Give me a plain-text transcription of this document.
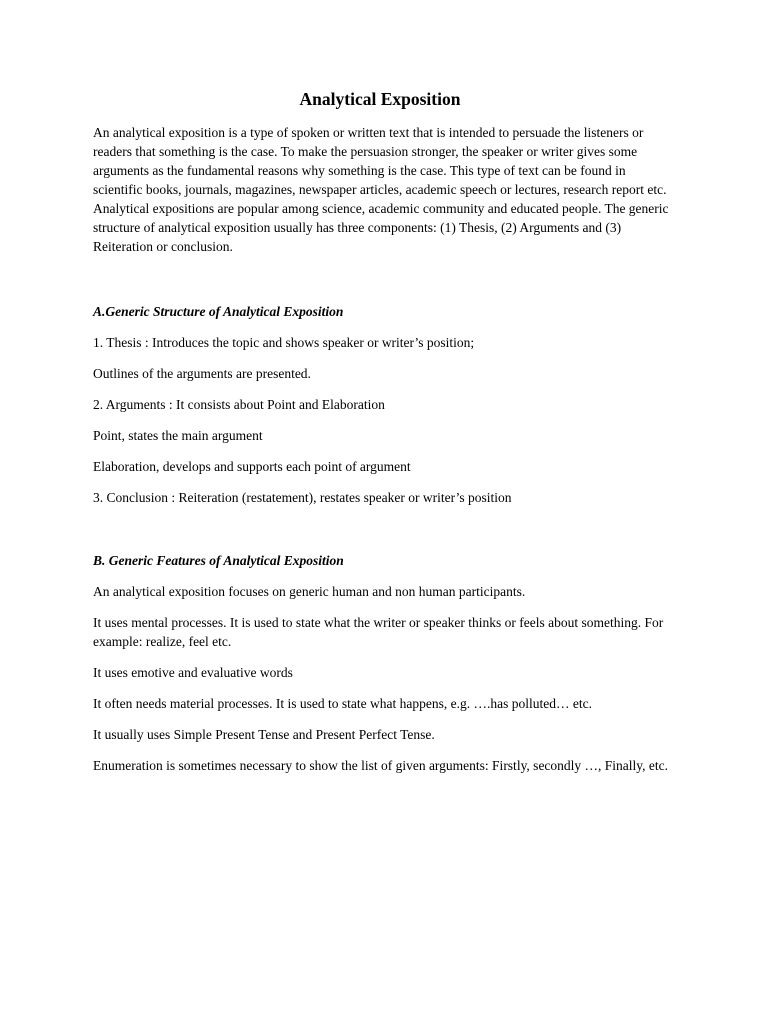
Analytical Exposition

An analytical exposition is a type of spoken or written text that is intended to persuade the listeners or readers that something is the case. To make the persuasion stronger, the speaker or writer gives some arguments as the fundamental reasons why something is the case. This type of text can be found in scientific books, journals, magazines, newspaper articles, academic speech or lectures, research report etc. Analytical expositions are popular among science, academic community and educated people. The generic structure of analytical exposition usually has three components: (1) Thesis, (2) Arguments and (3) Reiteration or conclusion.

A.Generic Structure of Analytical Exposition

1. Thesis : Introduces the topic and shows speaker or writer’s position;

Outlines of the arguments are presented.

2. Arguments : It consists about Point and Elaboration

Point, states the main argument

Elaboration, develops and supports each point of argument

3. Conclusion : Reiteration (restatement), restates speaker or writer’s position

B. Generic Features of Analytical Exposition

An analytical exposition focuses on generic human and non human participants.

It uses mental processes. It is used to state what the writer or speaker thinks or feels about something. For example: realize, feel etc.

It uses emotive and evaluative words

It often needs material processes. It is used to state what happens, e.g. ….has polluted… etc.

It usually uses Simple Present Tense and Present Perfect Tense.

Enumeration is sometimes necessary to show the list of given arguments: Firstly, secondly …, Finally, etc.
